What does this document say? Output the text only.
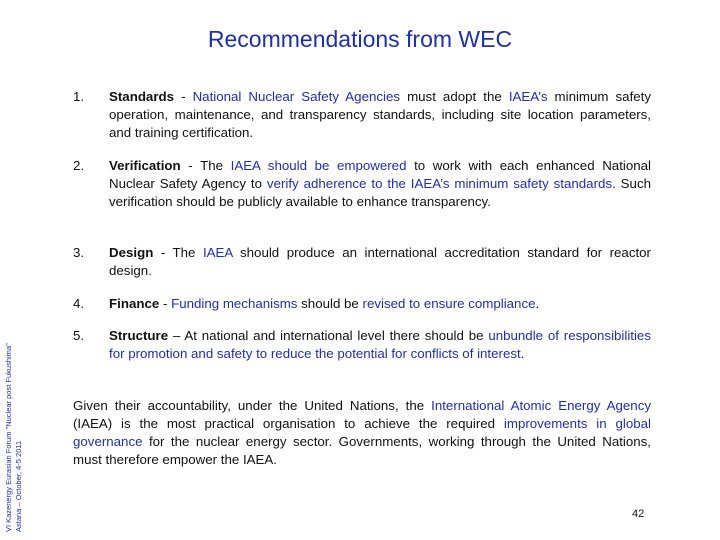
Recommendations from WEC
VI Kazenergy Eurasian Forum "Nuclear post Fukushima" Astana – October, 4-5 2011
1. Standards - National Nuclear Safety Agencies must adopt the IAEA’s minimum safety operation, maintenance, and transparency standards, including site location parameters, and training certification.
2. Verification - The IAEA should be empowered to work with each enhanced National Nuclear Safety Agency to verify adherence to the IAEA’s minimum safety standards. Such verification should be publicly available to enhance transparency.
3. Design - The IAEA should produce an international accreditation standard for reactor design.
4. Finance - Funding mechanisms should be revised to ensure compliance.
5. Structure – At national and international level there should be unbundle of responsibilities for promotion and safety to reduce the potential for conflicts of interest.
Given their accountability, under the United Nations, the International Atomic Energy Agency (IAEA) is the most practical organisation to achieve the required improvements in global governance for the nuclear energy sector. Governments, working through the United Nations, must therefore empower the IAEA.
42
